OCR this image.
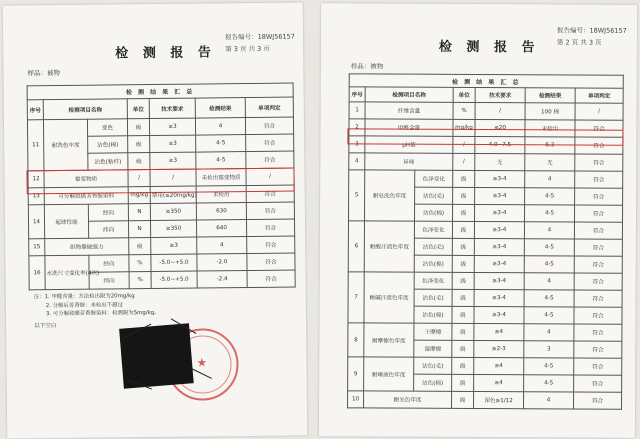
检 测 报 告
报告编号：18WJ56157
第 3 页 共 3 页
样品：被物
检 测 结 果 汇 总						
序号	检测项目名称		单位	技术要求	检测结果	单项判定
11	耐洗色牢度	变色	级	≥3	4	符合
		沾色(棉)	级	≥3	4-5	符合
		沾色(粘纤)	级	≥3	4-5	符合
12	霉变物质		/	/	未检出霉变物质	/
13	可分解致癌芳香胺染料		mg/kg	禁用(≤20mg/kg)	未检出	符合
14	起球性能	经向	N	≥350	630	符合
		纬向	N	≥350	640	符合
15	织物撕破强力		级	≥3	4	符合
16	水洗尺寸变化率(4次)	经向	%	-5.0~+5.0	-2.0	符合
		纬向	%	-5.0~+5.0	-2.4	符合
注：1. 甲醛含量：方法检出限为20mg/kg
2. 分解后芳香胺：未检出不超过
3. 可分解致癌芳香胺染料：检测限为5mg/kg。
以下空白
★
检 测 报 告
报告编号：18WJ56157
第 2 页 共 3 页
样品：被物
检 测 结 果 汇 总						
序号	检测项目名称		单位	技术要求	检测结果	单项判定
1	纤维含量		%	/	100 棉	/
2	甲醛含量		mg/kg	≤20	未检出	符合
3	pH值		/	4.0~7.5	6.3	符合
4	异味		/	无	无	符合
5	耐皂洗色牢度	色泽变化	级	≥3-4	4	符合
		沾色(毛)	级	≥3-4	4-5	符合
		沾色(棉)	级	≥3-4	4-5	符合
6	耐酸汗渍色牢度	色泽变化	级	≥3-4	4	符合
		沾色(毛)	级	≥3-4	4-5	符合
		沾色(棉)	级	≥3-4	4-5	符合
7	耐碱汗渍色牢度	色泽变化	级	≥3-4	4	符合
		沾色(毛)	级	≥3-4	4-5	符合
		沾色(棉)	级	≥3-4	4-5	符合
8	耐摩擦色牢度	干摩擦	级	≥4	4	符合
		湿摩擦	级	≥2-3	3	符合
9	耐唾液色牢度	沾色(毛)	级	≥4	4-5	符合
		沾色(棉)	级	≥4	4-5	符合
10	耐光色牢度		级	深色≥1/12	4	符合
